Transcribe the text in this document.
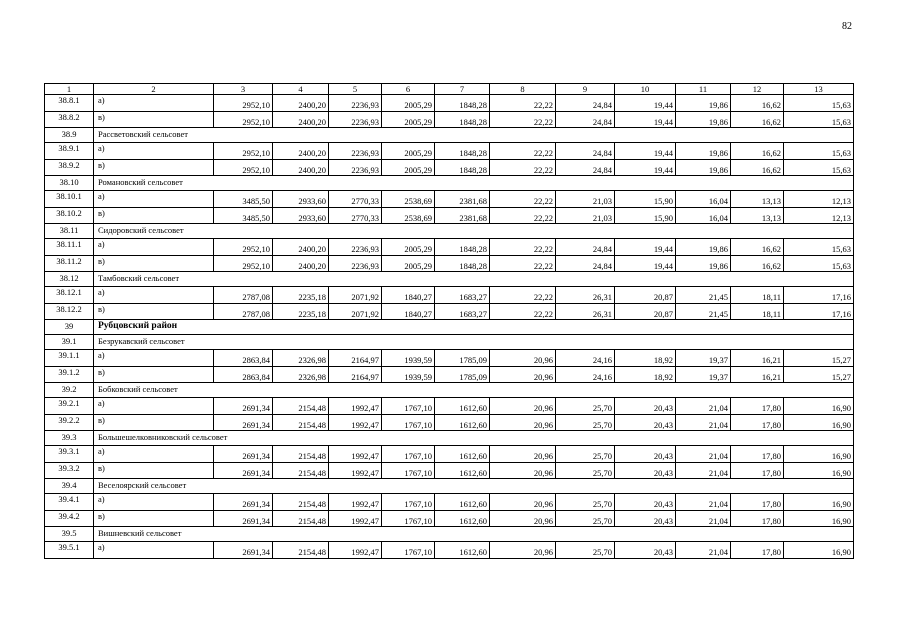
82
1	2	3	4	5	6	7	8	9	10	11	12	13
38.8.1	а)	2952,10	2400,20	2236,93	2005,29	1848,28	22,22	24,84	19,44	19,86	16,62	15,63
38.8.2	в)	2952,10	2400,20	2236,93	2005,29	1848,28	22,22	24,84	19,44	19,86	16,62	15,63
38.9	Рассветовский сельсовет											
38.9.1	а)	2952,10	2400,20	2236,93	2005,29	1848,28	22,22	24,84	19,44	19,86	16,62	15,63
38.9.2	в)	2952,10	2400,20	2236,93	2005,29	1848,28	22,22	24,84	19,44	19,86	16,62	15,63
38.10	Романовский сельсовет											
38.10.1	а)	3485,50	2933,60	2770,33	2538,69	2381,68	22,22	21,03	15,90	16,04	13,13	12,13
38.10.2	в)	3485,50	2933,60	2770,33	2538,69	2381,68	22,22	21,03	15,90	16,04	13,13	12,13
38.11	Сидоровский сельсовет											
38.11.1	а)	2952,10	2400,20	2236,93	2005,29	1848,28	22,22	24,84	19,44	19,86	16,62	15,63
38.11.2	в)	2952,10	2400,20	2236,93	2005,29	1848,28	22,22	24,84	19,44	19,86	16,62	15,63
38.12	Тамбовский сельсовет											
38.12.1	а)	2787,08	2235,18	2071,92	1840,27	1683,27	22,22	26,31	20,87	21,45	18,11	17,16
38.12.2	в)	2787,08	2235,18	2071,92	1840,27	1683,27	22,22	26,31	20,87	21,45	18,11	17,16
39	Рубцовский район											
39.1	Безрукавский сельсовет											
39.1.1	а)	2863,84	2326,98	2164,97	1939,59	1785,09	20,96	24,16	18,92	19,37	16,21	15,27
39.1.2	в)	2863,84	2326,98	2164,97	1939,59	1785,09	20,96	24,16	18,92	19,37	16,21	15,27
39.2	Бобковский сельсовет											
39.2.1	а)	2691,34	2154,48	1992,47	1767,10	1612,60	20,96	25,70	20,43	21,04	17,80	16,90
39.2.2	в)	2691,34	2154,48	1992,47	1767,10	1612,60	20,96	25,70	20,43	21,04	17,80	16,90
39.3	Большешелковниковский сельсовет											
39.3.1	а)	2691,34	2154,48	1992,47	1767,10	1612,60	20,96	25,70	20,43	21,04	17,80	16,90
39.3.2	в)	2691,34	2154,48	1992,47	1767,10	1612,60	20,96	25,70	20,43	21,04	17,80	16,90
39.4	Веселоярский сельсовет											
39.4.1	а)	2691,34	2154,48	1992,47	1767,10	1612,60	20,96	25,70	20,43	21,04	17,80	16,90
39.4.2	в)	2691,34	2154,48	1992,47	1767,10	1612,60	20,96	25,70	20,43	21,04	17,80	16,90
39.5	Вишневский сельсовет											
39.5.1	а)	2691,34	2154,48	1992,47	1767,10	1612,60	20,96	25,70	20,43	21,04	17,80	16,90
